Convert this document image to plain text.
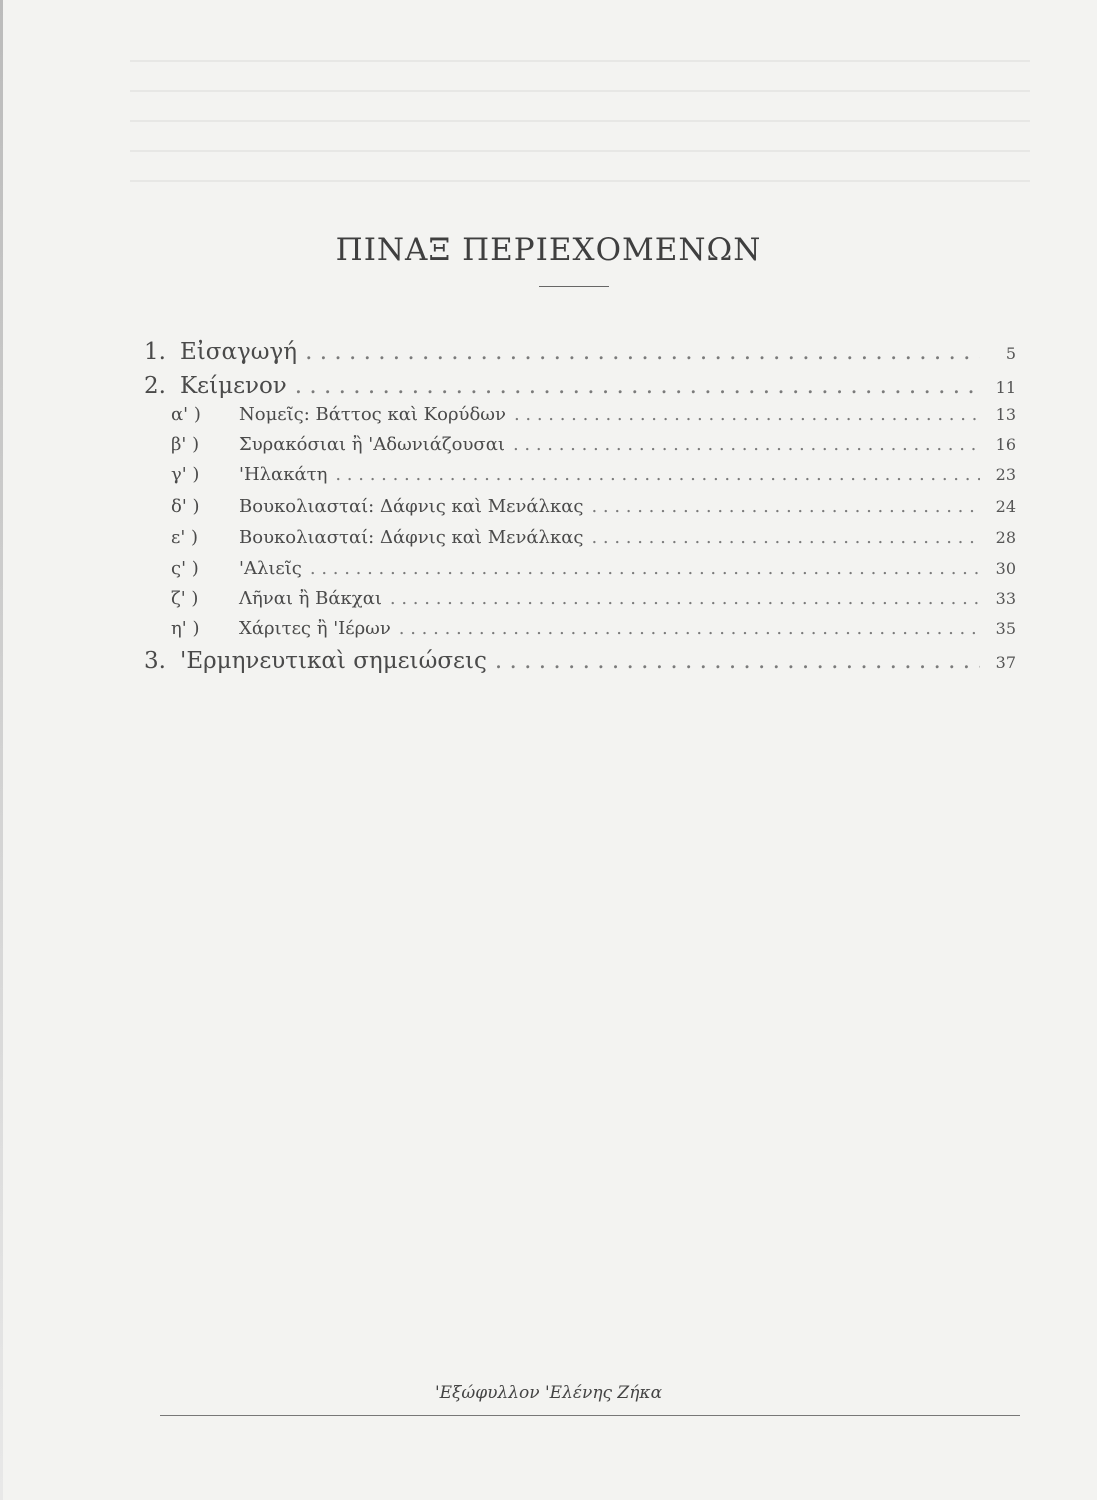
ΠΙΝΑΞ ΠΕΡΙΕΧΟΜΕΝΩΝ
1. Εἰσαγωγή . . .	5
2. Κείμενον . . .	11
α' )	Νομεῖς: Βάττος καὶ Κορύδων . . .	13
β' )	Συρακόσιαι ἢ 'Αδωνιάζουσαι . . .	16
γ' )	'Ηλακάτη . . .	23
δ' )	Βουκολιασταί: Δάφνις καὶ Μενάλκας . . .	24
ε' )	Βουκολιασταί: Δάφνις καὶ Μενάλκας . . .	28
ς' )	'Αλιεῖς . . .	30
ζ' )	Λῆναι ἢ Βάκχαι . . .	33
η' )	Χάριτες ἢ 'Ιέρων . . .	35
3. 'Ερμηνευτικαὶ σημειώσεις . . .	37
'Εξώφυλλον 'Ελένης Ζήκα
